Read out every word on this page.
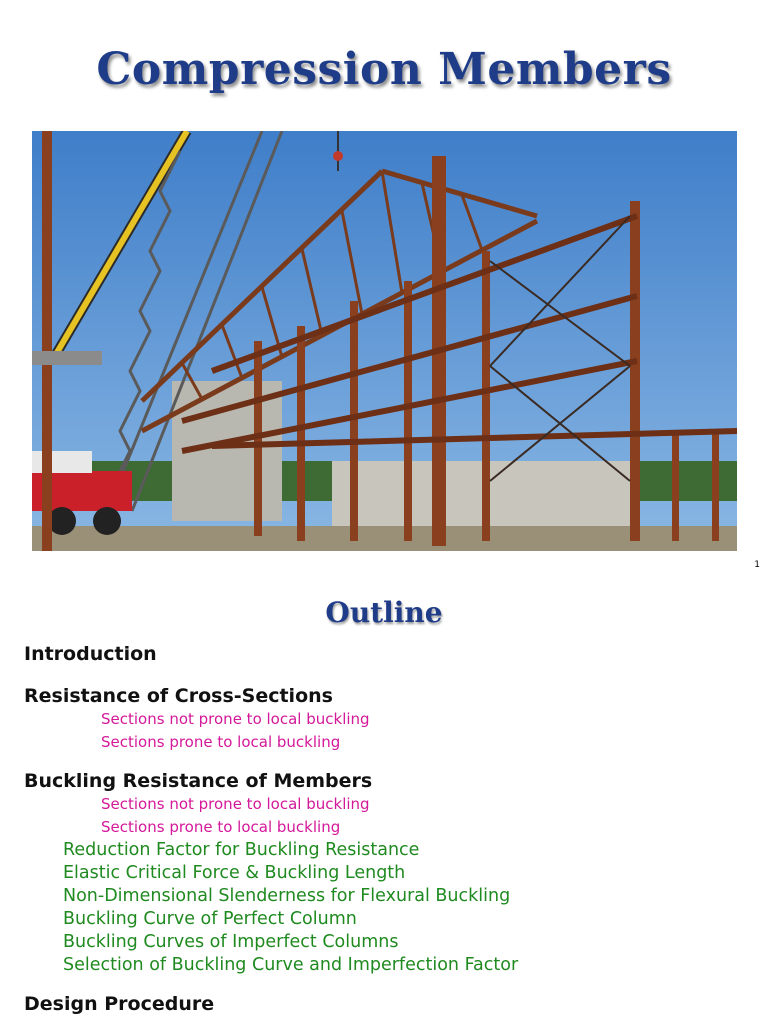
Compression Members
1
Outline
Introduction
Resistance of Cross-Sections
Sections not prone to local buckling
Sections prone to local buckling
Buckling Resistance of Members
Sections not prone to local buckling
Sections prone to local buckling
Reduction Factor for Buckling Resistance
Elastic Critical Force & Buckling Length
Non-Dimensional Slenderness for Flexural Buckling
Buckling Curve of Perfect Column
Buckling Curves of Imperfect Columns
Selection of Buckling Curve and Imperfection Factor
Design Procedure
